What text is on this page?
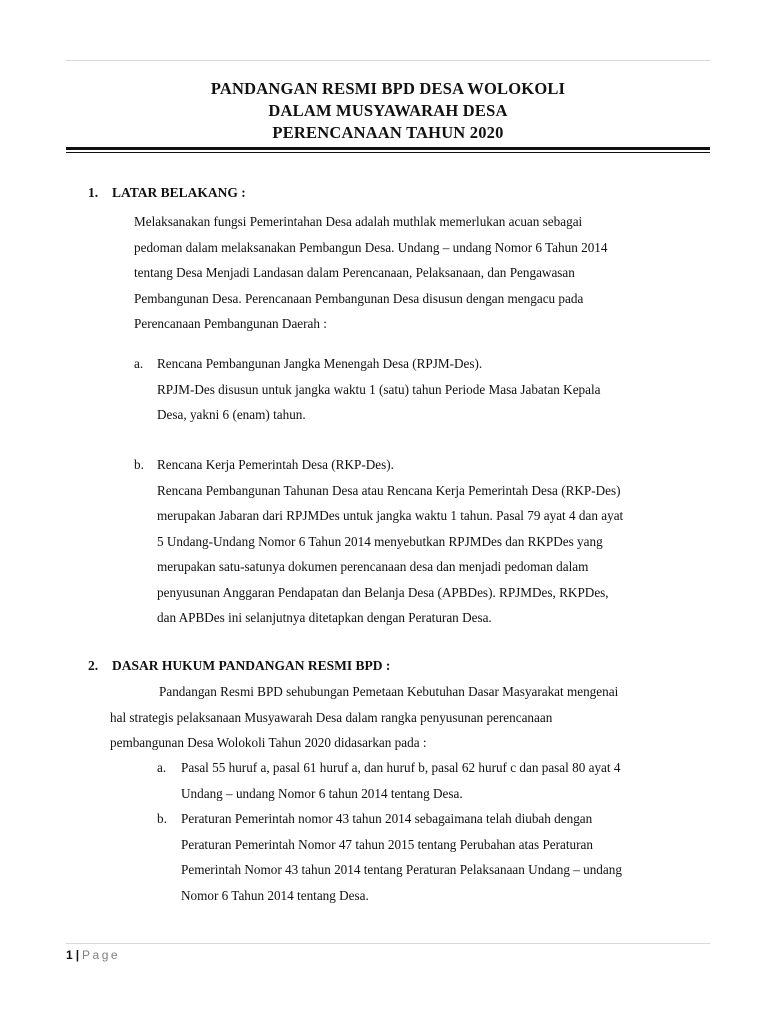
PANDANGAN RESMI BPD DESA WOLOKOLI
DALAM MUSYAWARAH DESA
PERENCANAAN TAHUN 2020
1. LATAR BELAKANG :
Melaksanakan fungsi Pemerintahan Desa adalah muthlak memerlukan acuan sebagai
pedoman dalam melaksanakan Pembangun Desa. Undang – undang Nomor 6 Tahun 2014
tentang Desa Menjadi Landasan dalam Perencanaan, Pelaksanaan, dan Pengawasan
Pembangunan Desa. Perencanaan Pembangunan Desa disusun dengan mengacu pada
Perencanaan Pembangunan Daerah :
a. Rencana Pembangunan Jangka Menengah Desa (RPJM-Des).
RPJM-Des disusun untuk jangka waktu 1 (satu) tahun Periode Masa Jabatan Kepala
Desa, yakni 6 (enam) tahun.
b. Rencana Kerja Pemerintah Desa (RKP-Des).
Rencana Pembangunan Tahunan Desa atau Rencana Kerja Pemerintah Desa (RKP-Des)
merupakan Jabaran dari RPJMDes untuk jangka waktu 1 tahun. Pasal 79 ayat 4 dan ayat
5 Undang-Undang Nomor 6 Tahun 2014 menyebutkan RPJMDes dan RKPDes yang
merupakan satu-satunya dokumen perencanaan desa dan menjadi pedoman dalam
penyusunan Anggaran Pendapatan dan Belanja Desa (APBDes). RPJMDes, RKPDes,
dan APBDes ini selanjutnya ditetapkan dengan Peraturan Desa.
2. DASAR HUKUM PANDANGAN RESMI BPD :
Pandangan Resmi BPD sehubungan Pemetaan Kebutuhan Dasar Masyarakat mengenai
hal strategis pelaksanaan Musyawarah Desa dalam rangka penyusunan perencanaan
pembangunan Desa Wolokoli Tahun 2020 didasarkan pada :
a. Pasal 55 huruf a, pasal 61 huruf a, dan huruf b, pasal 62 huruf c dan pasal 80 ayat 4
Undang – undang Nomor 6 tahun 2014 tentang Desa.
b. Peraturan Pemerintah nomor 43 tahun 2014 sebagaimana telah diubah dengan
Peraturan Pemerintah Nomor 47 tahun 2015 tentang Perubahan atas Peraturan
Pemerintah Nomor 43 tahun 2014 tentang Peraturan Pelaksanaan Undang – undang
Nomor 6 Tahun 2014 tentang Desa.
1 | Page
